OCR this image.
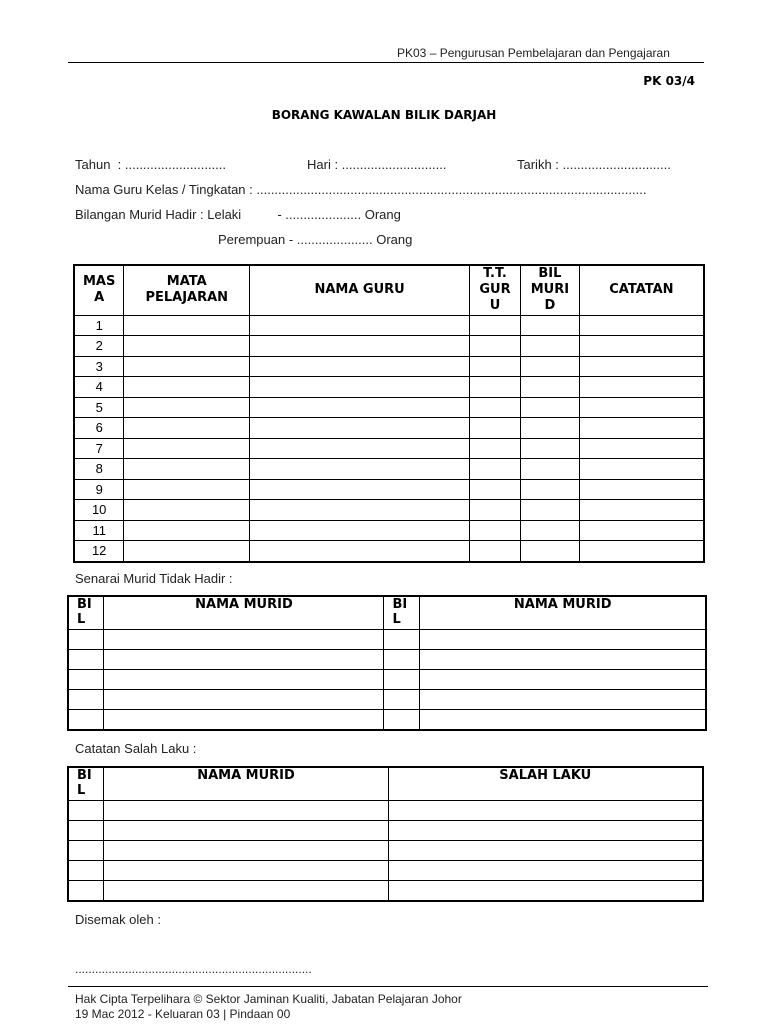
PK03 – Pengurusan Pembelajaran dan Pengajaran
PK 03/4
BORANG KAWALAN BILIK DARJAH
Tahun  : ............................	Hari : .............................	Tarikh : ..............................
Nama Guru Kelas / Tingkatan : ............................................................................................................
Bilangan Murid Hadir : Lelaki          - ..................... Orang
Perempuan - ..................... Orang
MAS
A	MATA
PELAJARAN	NAMA GURU	T.T.
GUR
U	BIL
MURI
D	CATATAN
1					
2					
3					
4					
5					
6					
7					
8					
9					
10					
11					
12					
Senarai Murid Tidak Hadir :
BI
L	NAMA MURID	BI
L	NAMA MURID

Catatan Salah Laku :
BI
L	NAMA MURID	SALAH LAKU

Disemak oleh :
.......................................................................
Hak Cipta Terpelihara © Sektor Jaminan Kualiti, Jabatan Pelajaran Johor
19 Mac 2012 - Keluaran 03 | Pindaan 00
